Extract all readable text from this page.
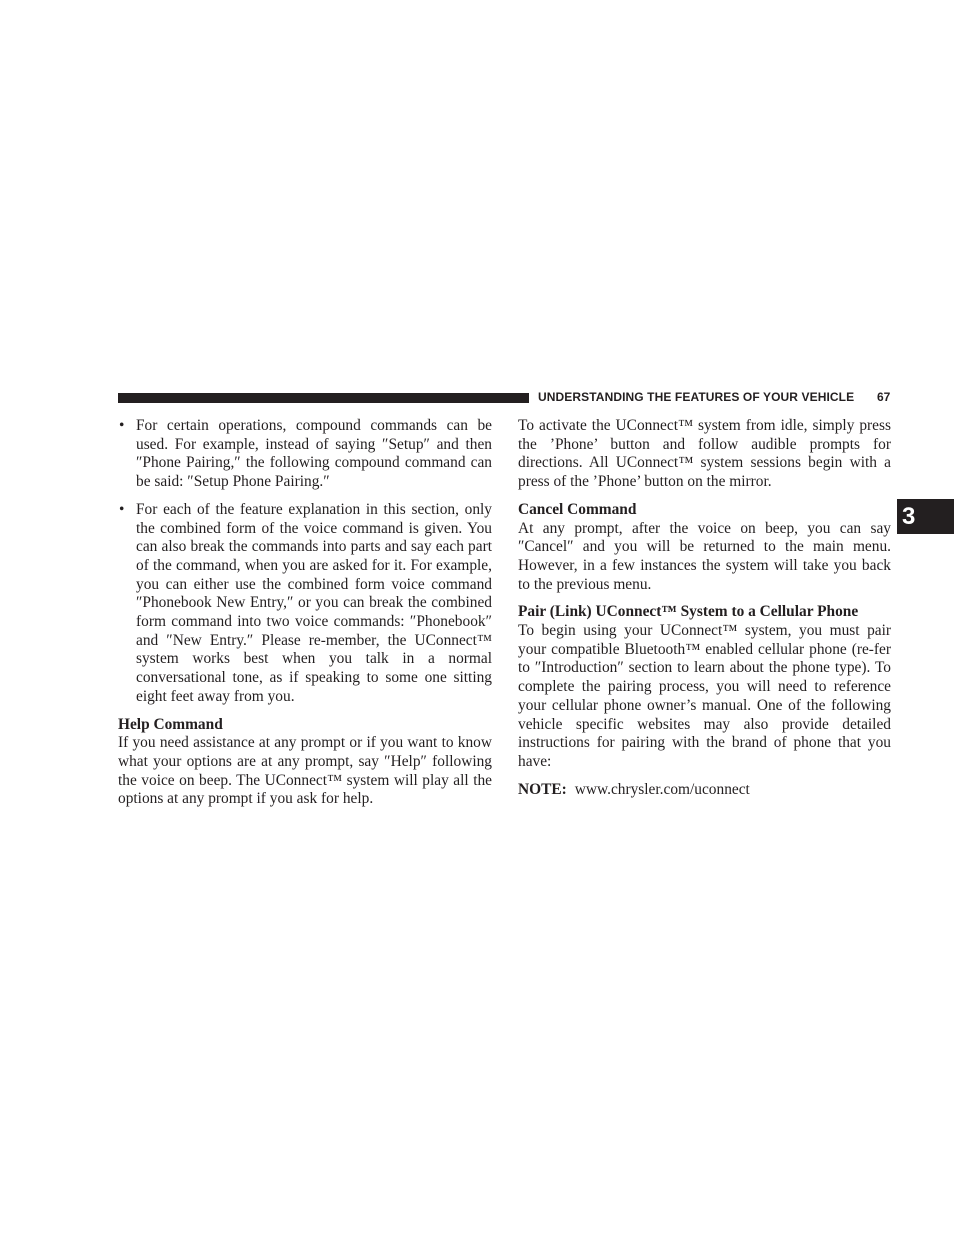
UNDERSTANDING THE FEATURES OF YOUR VEHICLE 67
3
• For certain operations, compound commands can be used. For example, instead of saying ″Setup″ and then ″Phone Pairing,″ the following compound command can be said: ″Setup Phone Pairing.″

• For each of the feature explanation in this section, only the combined form of the voice command is given. You can also break the commands into parts and say each part of the command, when you are asked for it. For example, you can either use the combined form voice command ″Phonebook New Entry,″ or you can break the combined form command into two voice commands: ″Phonebook″ and ″New Entry.″ Please re-member, the UConnect™ system works best when you talk in a normal conversational tone, as if speaking to some one sitting eight feet away from you.

Help Command

If you need assistance at any prompt or if you want to know what your options are at any prompt, say ″Help″ following the voice on beep. The UConnect™ system will play all the options at any prompt if you ask for help.

To activate the UConnect™ system from idle, simply press the ’Phone’ button and follow audible prompts for directions. All UConnect™ system sessions begin with a press of the ’Phone’ button on the mirror.

Cancel Command

At any prompt, after the voice on beep, you can say ″Cancel″ and you will be returned to the main menu. However, in a few instances the system will take you back to the previous menu.

Pair (Link) UConnect™ System to a Cellular Phone

To begin using your UConnect™ system, you must pair your compatible Bluetooth™ enabled cellular phone (re-fer to ″Introduction″ section to learn about the phone type). To complete the pairing process, you will need to reference your cellular phone owner’s manual. One of the following vehicle specific websites may also provide detailed instructions for pairing with the brand of phone that you have:

NOTE: www.chrysler.com/uconnect
